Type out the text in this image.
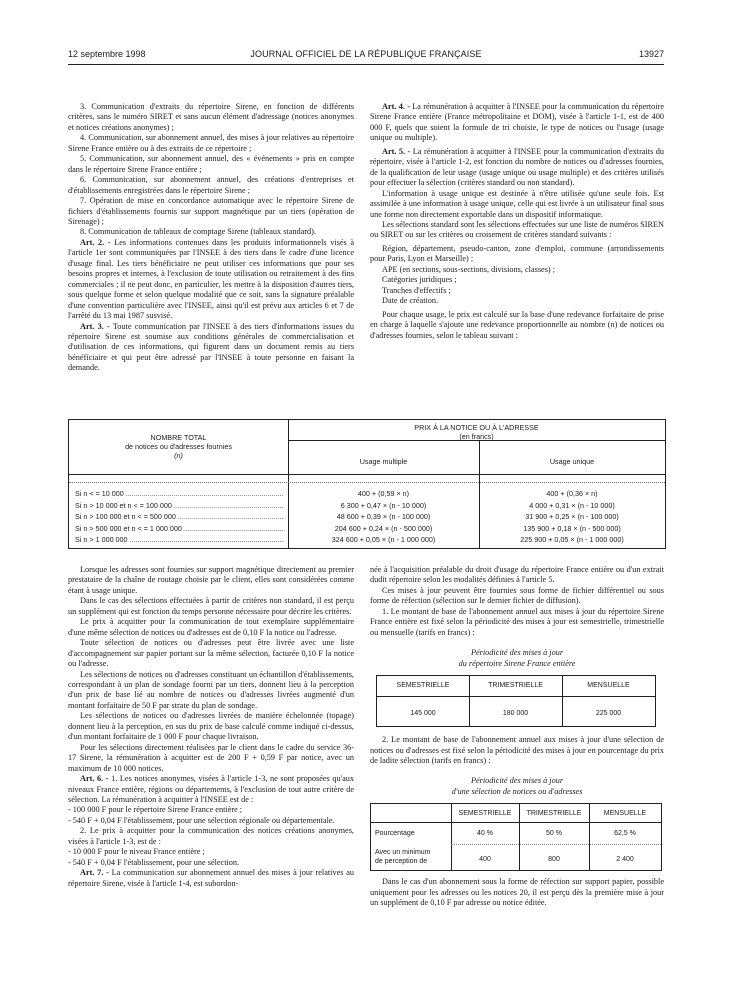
12 septembre 1998	JOURNAL OFFICIEL DE LA RÉPUBLIQUE FRANÇAISE	13927

3. Communication d'extraits du répertoire Sirene, en fonction de différents critères, sans le numéro SIRET et sans aucun élément d'adressage (notices anonymes et notices créations anonymes) ;

4. Communication, sur abonnement annuel, des mises à jour relatives au répertoire Sirene France entière ou à des extraits de ce répertoire ;

5. Communication, sur abonnement annuel, des « événements » pris en compte dans le répertoire Sirene France entière ;

6. Communication, sur abonnement annuel, des créations d'entreprises et d'établissements enregistrées dans le répertoire Sirene ;

7. Opération de mise en concordance automatique avec le répertoire Sirene de fichiers d'établissements fournis sur support magnétique par un tiers (opération de Sirenage) ;

8. Communication de tableaux de comptage Sirene (tableaux standard).

Art. 2. - Les informations contenues dans les produits informationnels visés à l'article 1er sont communiquées par l'INSEE à des tiers dans le cadre d'une licence d'usage final. Les tiers bénéficiaire ne peut utiliser ces informations que pour ses besoins propres et internes, à l'exclusion de toute utilisation ou retraitement à des fins commerciales ; il ne peut donc, en particulier, les mettre à la disposition d'autres tiers, sous quelque forme et selon quelque modalité que ce soit, sans la signature préalable d'une convention particulière avec l'INSEE, ainsi qu'il est prévu aux articles 6 et 7 de l'arrêté du 13 mai 1987 susvisé.

Art. 3. - Toute communication par l'INSEE à des tiers d'informations issues du répertoire Sirene est soumise aux conditions générales de commercialisation et d'utilisation de ces informations, qui figurent dans un document remis au tiers bénéficiaire et qui peut être adressé par l'INSEE à toute personne en faisant la demande.

Art. 4. - La rémunération à acquitter à l'INSEE pour la communication du répertoire Sirene France entière (France métropolitaine et DOM), visée à l'article 1-1, est de 400 000 F, quels que soient la formule de tri choisie, le type de notices ou l'usage (usage unique ou multiple).

Art. 5. - La rémunération à acquitter à l'INSEE pour la communication d'extraits du répertoire, visée à l'article 1-2, est fonction du nombre de notices ou d'adresses fournies, de la qualification de leur usage (usage unique ou usage multiple) et des critères utilisés pour effectuer la sélection (critères standard ou non standard).

L'information à usage unique est destinée à n'être utilisée qu'une seule fois. Est assimilée à une information à usage unique, celle qui est livrée à un utilisateur final sous une forme non directement exportable dans un dispositif informatique.

Les sélections standard sont les sélections effectuées sur une liste de numéros SIREN ou SIRET ou sur les critères ou croisement de critères standard suivants :

Région, département, pseudo-canton, zone d'emploi, commune (arrondissements pour Paris, Lyon et Marseille) ;

APE (en sections, sous-sections, divisions, classes) ;

Catégories juridiques ;

Tranches d'effectifs ;

Date de création.

Pour chaque usage, le prix est calculé sur la base d'une redevance forfaitaire de prise en charge à laquelle s'ajoute une redevance proportionnelle au nombre (n) de notices ou d'adresses fournies, selon le tableau suivant :

NOMBRE TOTAL
de notices ou d'adresses fournies
(n)
PRIX À LA NOTICE OU À L'ADRESSE
(en francs)
Usage multiple	Usage unique
Si n < = 10 000 .....	400 + (0,59 × n)	400 + (0,36 × n)
Si n > 10 000 et n < = 100 000 .....	6 300 + 0,47 × (n - 10 000)	4 000 + 0,31 × (n - 10 000)
Si n > 100 000 et n < = 500 000 .....	48 600 + 0,39 × (n - 100 000)	31 900 + 0,25 × (n - 100 000)
Si n > 500 000 et n < = 1 000 000 .....	204 600 + 0,24 × (n - 500 000)	135 900 + 0,18 × (n - 500 000)
Si n > 1 000 000 .....	324 600 + 0,05 × (n - 1 000 000)	225 900 + 0,05 × (n - 1 000 000)

Lorsque les adresses sont fournies sur support magnétique directement au premier prestataire de la chaîne de routage choisie par le client, elles sont considérées comme étant à usage unique.

Dans le cas des sélections effectuées à partir de critères non standard, il est perçu un supplément qui est fonction du temps personne nécessaire pour décrire les critères.

Le prix à acquitter pour la communication de tout exemplaire supplémentaire d'une même sélection de notices ou d'adresses est de 0,10 F la notice ou l'adresse.

Toute sélection de notices ou d'adresses peut être livrée avec une liste d'accompagnement sur papier portant sur la même sélection, facturée 0,10 F la notice ou l'adresse.

Les sélections de notices ou d'adresses constituant un échantillon d'établissements, correspondant à un plan de sondage fourni par un tiers, donnent lieu à la perception d'un prix de base lié au nombre de notices ou d'adresses livrées augmenté d'un montant forfaitaire de 50 F par strate du plan de sondage.

Les sélections de notices ou d'adresses livrées de manière échelonnée (topage) donnent lieu à la perception, en sus du prix de base calculé comme indiqué ci-dessus, d'un montant forfaitaire de 1 000 F pour chaque livraison.

Pour les sélections directement réalisées par le client dans le cadre du service 36-17 Sirene, la rémunération à acquitter est de 200 F + 0,59 F par notice, avec un maximum de 10 000 notices.

Art. 6. - 1. Les notices anonymes, visées à l'article 1-3, ne sont proposées qu'aux niveaux France entière, régions ou départements, à l'exclusion de tout autre critère de sélection. La rémunération à acquitter à l'INSEE est de :

- 100 000 F pour le répertoire Sirene France entière ;

- 540 F + 0,04 F l'établissement, pour une sélection régionale ou départementale.

2. Le prix à acquitter pour la communication des notices créations anonymes, visées à l'article 1-3, est de :

- 10 000 F pour le niveau France entière ;

- 540 F + 0,04 F l'établissement, pour une sélection.

Art. 7. - La communication sur abonnement annuel des mises à jour relatives au répertoire Sirene, visée à l'article 1-4, est subordon-

née à l'acquisition préalable du droit d'usage du répertoire France entière ou d'un extrait dudit répertoire selon les modalités définies à l'article 5.

Ces mises à jour peuvent être fournies sous forme de fichier différentiel ou sous forme de réfection (sélection sur le dernier fichier de diffusion).

1. Le montant de base de l'abonnement annuel aux mises à jour du répertoire Sirene France entière est fixé selon la périodicité des mises à jour est semestrielle, trimestrielle ou mensuelle (tarifs en francs) :

Périodicité des mises à jour

du répertoire Sirene France entière

SEMESTRIELLE	TRIMESTRIELLE	MENSUELLE
145 000	180 000	225 000

2. Le montant de base de l'abonnement annuel aux mises à jour d'une sélection de notices ou d'adresses est fixé selon la périodicité des mises à jour en pourcentage du prix de ladite sélection (tarifs en francs) :

Périodicité des mises à jour

d'une sélection de notices ou d'adresses

SEMESTRIELLE	TRIMESTRIELLE	MENSUELLE
Pourcentage	40 %	50 %	62,5 %
Avec un minimum
de perception de	400	800	2 400

Dans le cas d'un abonnement sous la forme de réfection sur support papier, possible uniquement pour les adresses ou les notices 20, il est perçu dès la première mise à jour un supplément de 0,10 F par adresse ou notice éditée.
